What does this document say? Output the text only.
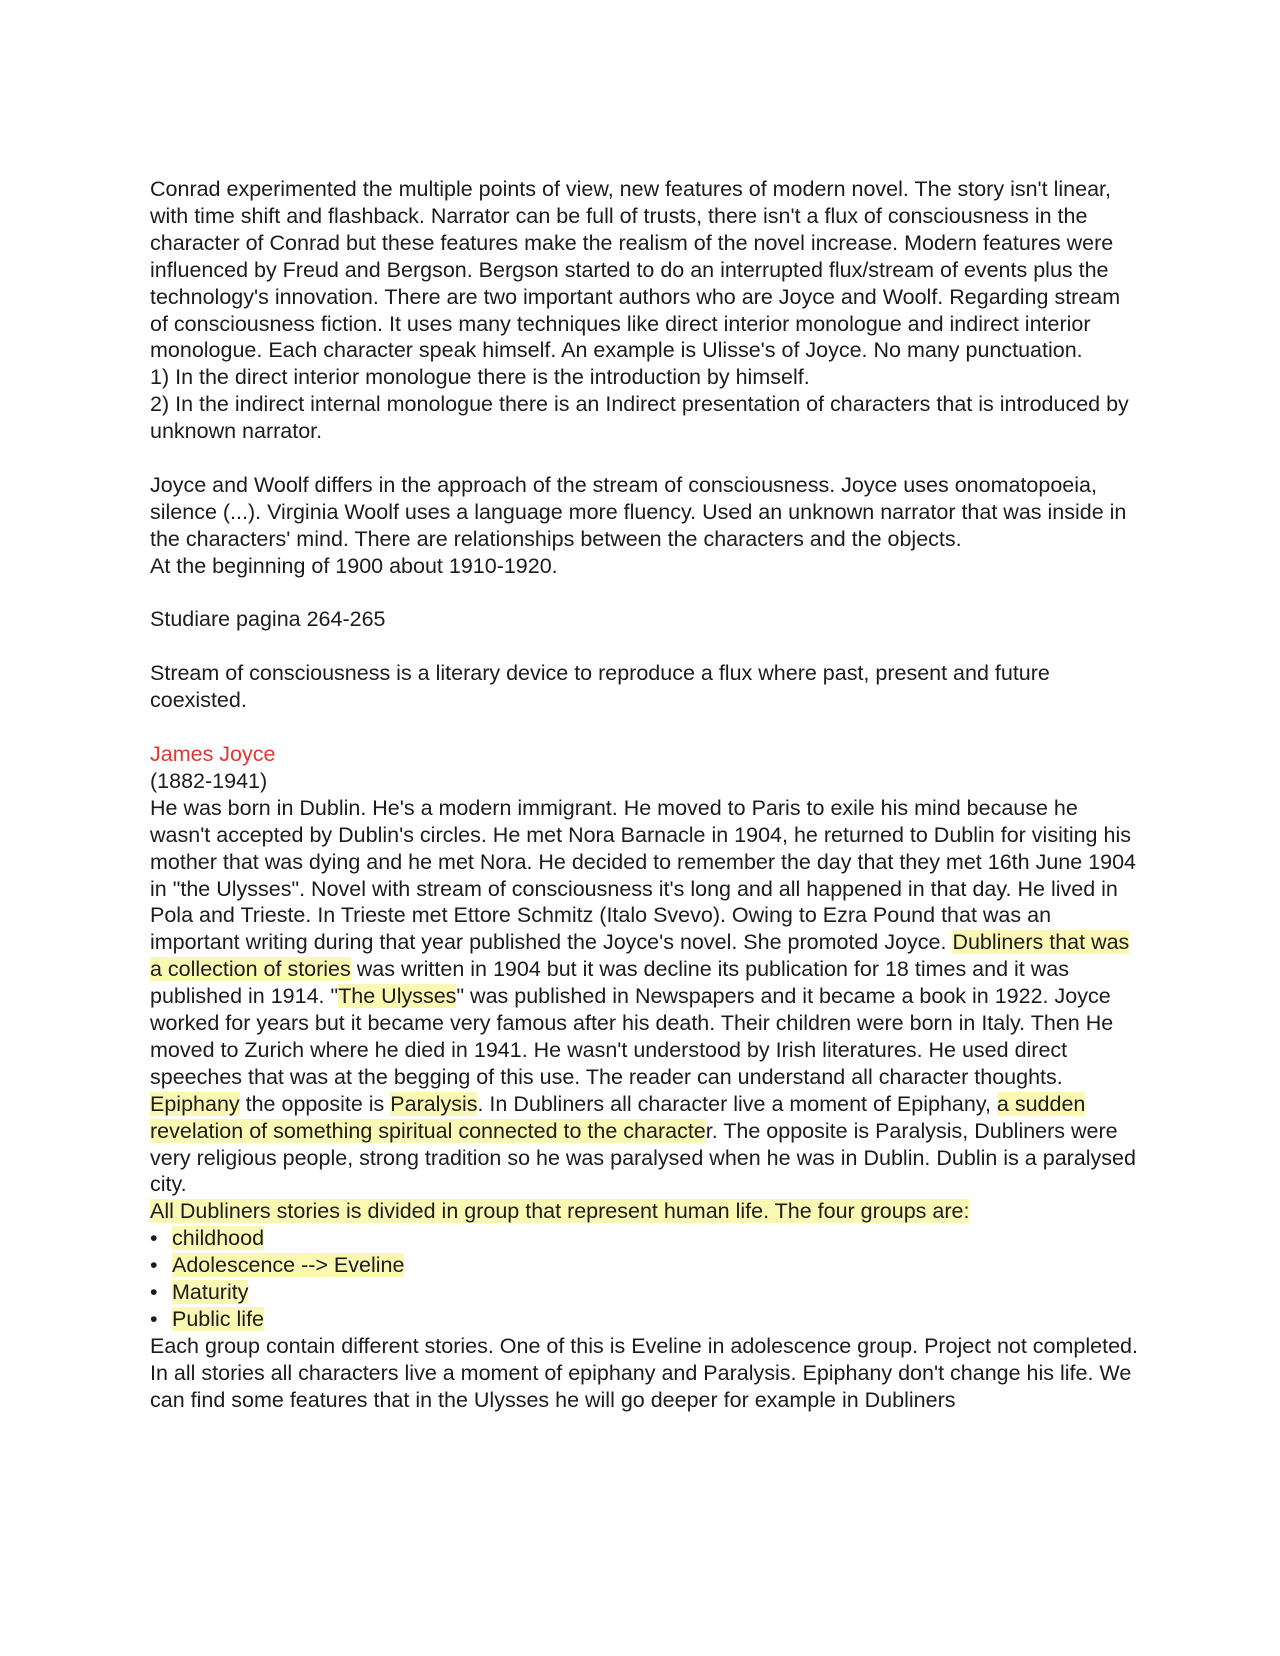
Conrad experimented the multiple points of view, new features of modern novel. The story isn't linear, with time shift and flashback. Narrator can be full of trusts, there isn't a flux of consciousness in the character of Conrad but these features make the realism of the novel increase. Modern features were influenced by Freud and Bergson. Bergson started to do an interrupted flux/stream of events plus the technology's innovation. There are two important authors who are Joyce and Woolf. Regarding stream of consciousness fiction. It uses many techniques like direct interior monologue and indirect interior monologue. Each character speak himself. An example is Ulisse's of Joyce. No many punctuation.

1) In the direct interior monologue there is the introduction by himself.

2) In the indirect internal monologue there is an Indirect presentation of characters that is introduced by unknown narrator.

Joyce and Woolf differs in the approach of the stream of consciousness. Joyce uses onomatopoeia, silence (...). Virginia Woolf uses a language more fluency. Used an unknown narrator that was inside in the characters' mind. There are relationships between the characters and the objects.

At the beginning of 1900 about 1910-1920.

Studiare pagina 264-265

Stream of consciousness is a literary device to reproduce a flux where past, present and future coexisted.

James Joyce

(1882-1941)

He was born in Dublin. He's a modern immigrant. He moved to Paris to exile his mind because he wasn't accepted by Dublin's circles. He met Nora Barnacle in 1904, he returned to Dublin for visiting his mother that was dying and he met Nora. He decided to remember the day that they met 16th June 1904 in "the Ulysses". Novel with stream of consciousness it's long and all happened in that day. He lived in Pola and Trieste. In Trieste met Ettore Schmitz (Italo Svevo). Owing to Ezra Pound that was an important writing during that year published the Joyce's novel. She promoted Joyce. Dubliners that was a collection of stories was written in 1904 but it was decline its publication for 18 times and it was published in 1914. "The Ulysses" was published in Newspapers and it became a book in 1922. Joyce worked for years but it became very famous after his death. Their children were born in Italy. Then He moved to Zurich where he died in 1941. He wasn't understood by Irish literatures. He used direct speeches that was at the begging of this use. The reader can understand all character thoughts. Epiphany the opposite is Paralysis. In Dubliners all character live a moment of Epiphany, a sudden revelation of something spiritual connected to the character. The opposite is Paralysis, Dubliners were very religious people, strong tradition so he was paralysed when he was in Dublin. Dublin is a paralysed city.

All Dubliners stories is divided in group that represent human life. The four groups are:

• childhood
• Adolescence --> Eveline
• Maturity
• Public life

Each group contain different stories. One of this is Eveline in adolescence group. Project not completed.

In all stories all characters live a moment of epiphany and Paralysis. Epiphany don't change his life. We can find some features that in the Ulysses he will go deeper for example in Dubliners
